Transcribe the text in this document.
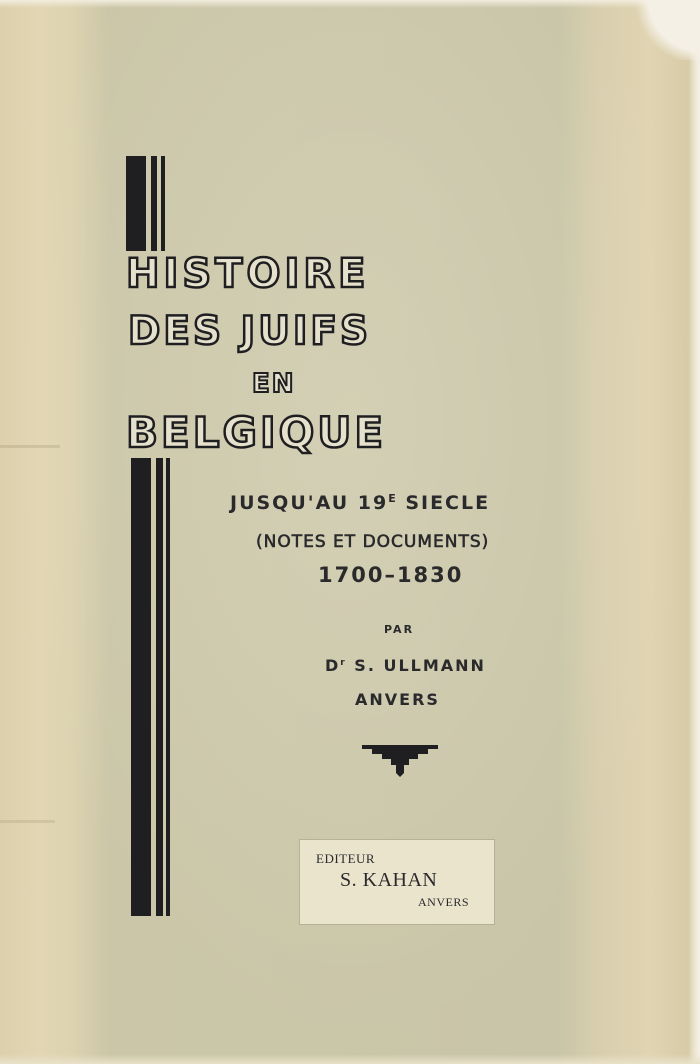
HISTOIRE
DES JUIFS
EN
BELGIQUE
JUSQU'AU $19^E$ SIECLE
(NOTES ET DOCUMENTS)
1700–1830
PAR
$D^r$ S. ULLMANN
ANVERS
EDITEUR
S. KAHAN
ANVERS
